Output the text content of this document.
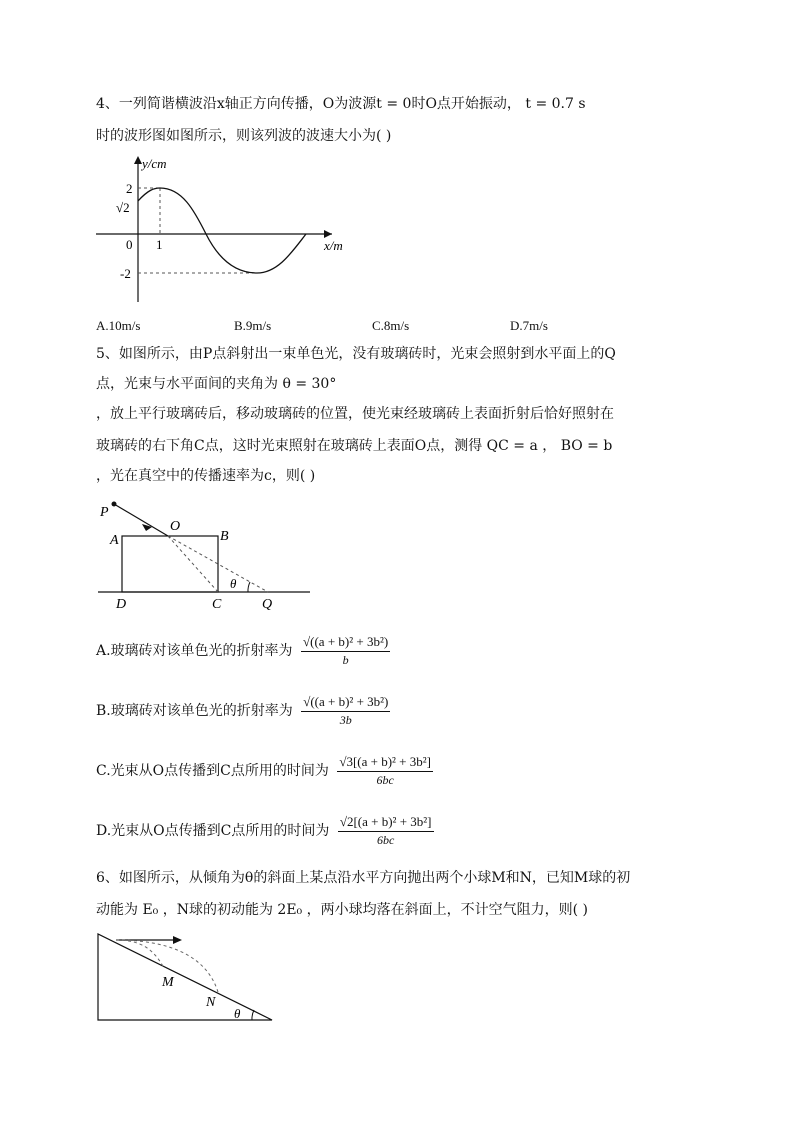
4、一列简谐横波沿x轴正方向传播，O为波源t = 0时O点开始振动， t = 0.7 s
时的波形图如图所示，则该列波的波速大小为( )
y/cm
x/m
2
√2
0 1
-2
A.10m/s	B.9m/s	C.8m/s	D.7m/s
5、如图所示，由P点斜射出一束单色光，没有玻璃砖时，光束会照射到水平面上的Q
点，光束与水平面间的夹角为 θ = 30°
，放上平行玻璃砖后，移动玻璃砖的位置，使光束经玻璃砖上表面折射后恰好照射在
玻璃砖的右下角C点，这时光束照射在玻璃砖上表面O点，测得 QC = a ， BO = b
，光在真空中的传播速率为c，则( )
P
O
A	B
D	C	Q
θ
A.玻璃砖对该单色光的折射率为 $\frac{\text{√((a + b)² + 3b²)}}{b}$
B.玻璃砖对该单色光的折射率为 $\frac{\text{√((a + b)² + 3b²)}}{3b}$
C.光束从O点传播到C点所用的时间为 $\frac{\text{√3[(a + b)² + 3b²]}}{6bc}$
D.光束从O点传播到C点所用的时间为 $\frac{\text{√2[(a + b)² + 3b²]}}{6bc}$
6、如图所示，从倾角为θ的斜面上某点沿水平方向抛出两个小球M和N，已知M球的初
动能为 E₀ ，N球的初动能为 2E₀ ，两小球均落在斜面上，不计空气阻力，则( )
M
N
θ
